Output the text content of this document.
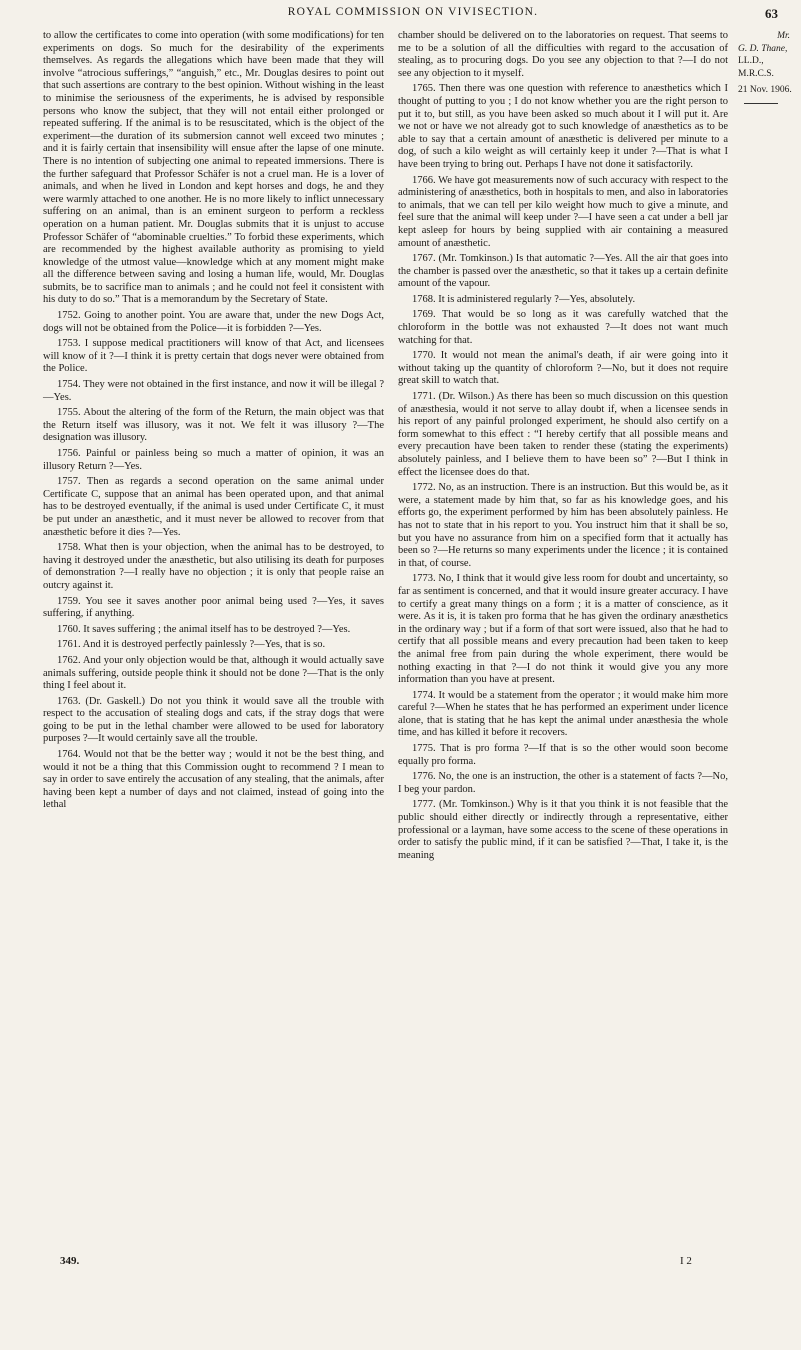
ROYAL COMMISSION ON VIVISECTION.	63

to allow the certificates to come into operation (with some modifications) for ten experiments on dogs. So much for the desirability of the experiments themselves. As regards the allegations which have been made that they will involve “atrocious sufferings,” “anguish,” etc., Mr. Douglas desires to point out that such assertions are contrary to the best opinion. Without wishing in the least to minimise the seriousness of the experiments, he is advised by responsible persons who know the subject, that they will not entail either prolonged or repeated suffering. If the animal is to be resuscitated, which is the object of the experiment—the duration of its submersion cannot well exceed two minutes ; and it is fairly certain that insensibility will ensue after the lapse of one minute. There is no intention of subjecting one animal to repeated immersions. There is the further safeguard that Professor Schäfer is not a cruel man. He is a lover of animals, and when he lived in London and kept horses and dogs, he and they were warmly attached to one another. He is no more likely to inflict unnecessary suffering on an animal, than is an eminent surgeon to perform a reckless operation on a human patient. Mr. Douglas submits that it is unjust to accuse Professor Schäfer of “abominable cruelties.” To forbid these experiments, which are recommended by the highest available authority as promising to yield knowledge of the utmost value—knowledge which at any moment might make all the difference between saving and losing a human life, would, Mr. Douglas submits, be to sacrifice man to animals ; and he could not feel it consistent with his duty to do so.” That is a memorandum by the Secretary of State.

1752. Going to another point. You are aware that, under the new Dogs Act, dogs will not be obtained from the Police—it is forbidden ?—Yes.

1753. I suppose medical practitioners will know of that Act, and licensees will know of it ?—I think it is pretty certain that dogs never were obtained from the Police.

1754. They were not obtained in the first instance, and now it will be illegal ?—Yes.

1755. About the altering of the form of the Return, the main object was that the Return itself was illusory, was it not. We felt it was illusory ?—The designation was illusory.

1756. Painful or painless being so much a matter of opinion, it was an illusory Return ?—Yes.

1757. Then as regards a second operation on the same animal under Certificate C, suppose that an animal has been operated upon, and that animal has to be destroyed eventually, if the animal is used under Certificate C, it must be put under an anæsthetic, and it must never be allowed to recover from that anæsthetic before it dies ?—Yes.

1758. What then is your objection, when the animal has to be destroyed, to having it destroyed under the anæsthetic, but also utilising its death for purposes of demonstration ?—I really have no objection ; it is only that people raise an outcry against it.

1759. You see it saves another poor animal being used ?—Yes, it saves suffering, if anything.

1760. It saves suffering ; the animal itself has to be destroyed ?—Yes.

1761. And it is destroyed perfectly painlessly ?—Yes, that is so.

1762. And your only objection would be that, although it would actually save animals suffering, outside people think it should not be done ?—That is the only thing I feel about it.

1763. (Dr. Gaskell.) Do not you think it would save all the trouble with respect to the accusation of stealing dogs and cats, if the stray dogs that were going to be put in the lethal chamber were allowed to be used for laboratory purposes ?—It would certainly save all the trouble.

1764. Would not that be the better way ; would it not be the best thing, and would it not be a thing that this Commission ought to recommend ? I mean to say in order to save entirely the accusation of any stealing, that the animals, after having been kept a number of days and not claimed, instead of going into the lethal

chamber should be delivered on to the laboratories on request. That seems to me to be a solution of all the difficulties with regard to the accusation of stealing, as to procuring dogs. Do you see any objection to that ?—I do not see any objection to it myself.

1765. Then there was one question with reference to anæsthetics which I thought of putting to you ; I do not know whether you are the right person to put it to, but still, as you have been asked so much about it I will put it. Are we not or have we not already got to such knowledge of anæsthetics as to be able to say that a certain amount of anæsthetic is delivered per minute to a dog, of such a kilo weight as will certainly keep it under ?—That is what I have been trying to bring out. Perhaps I have not done it satisfactorily.

1766. We have got measurements now of such accuracy with respect to the administering of anæsthetics, both in hospitals to men, and also in laboratories to animals, that we can tell per kilo weight how much to give a minute, and feel sure that the animal will keep under ?—I have seen a cat under a bell jar kept asleep for hours by being supplied with air containing a measured amount of anæsthetic.

1767. (Mr. Tomkinson.) Is that automatic ?—Yes. All the air that goes into the chamber is passed over the anæsthetic, so that it takes up a certain definite amount of the vapour.

1768. It is administered regularly ?—Yes, absolutely.

1769. That would be so long as it was carefully watched that the chloroform in the bottle was not exhausted ?—It does not want much watching for that.

1770. It would not mean the animal's death, if air were going into it without taking up the quantity of chloroform ?—No, but it does not require great skill to watch that.

1771. (Dr. Wilson.) As there has been so much discussion on this question of anæsthesia, would it not serve to allay doubt if, when a licensee sends in his report of any painful prolonged experiment, he should also certify on a form somewhat to this effect : “I hereby certify that all possible means and every precaution have been taken to render these (stating the experiments) absolutely painless, and I believe them to have been so” ?—But I think in effect the licensee does do that.

1772. No, as an instruction. There is an instruction. But this would be, as it were, a statement made by him that, so far as his knowledge goes, and his efforts go, the experiment performed by him has been absolutely painless. He has not to state that in his report to you. You instruct him that it shall be so, but you have no assurance from him on a specified form that it actually has been so ?—He returns so many experiments under the licence ; it is contained in that, of course.

1773. No, I think that it would give less room for doubt and uncertainty, so far as sentiment is concerned, and that it would insure greater accuracy. I have to certify a great many things on a form ; it is a matter of conscience, as it were. As it is, it is taken pro forma that he has given the ordinary anæsthetics in the ordinary way ; but if a form of that sort were issued, also that he had to certify that all possible means and every precaution had been taken to keep the animal free from pain during the whole experiment, there would be nothing exacting in that ?—I do not think it would give you any more information than you have at present.

1774. It would be a statement from the operator ; it would make him more careful ?—When he states that he has performed an experiment under licence alone, that is stating that he has kept the animal under anæsthesia the whole time, and has killed it before it recovers.

1775. That is pro forma ?—If that is so the other would soon become equally pro forma.

1776. No, the one is an instruction, the other is a statement of facts ?—No, I beg your pardon.

1777. (Mr. Tomkinson.) Why is it that you think it is not feasible that the public should either directly or indirectly through a representative, either professional or a layman, have some access to the scene of these operations in order to satisfy the public mind, if it can be satisfied ?—That, I take it, is the meaning

Mr.
G. D. Thane,
LL.D.,
M.R.C.S.
21 Nov. 1906.
349.	I 2
